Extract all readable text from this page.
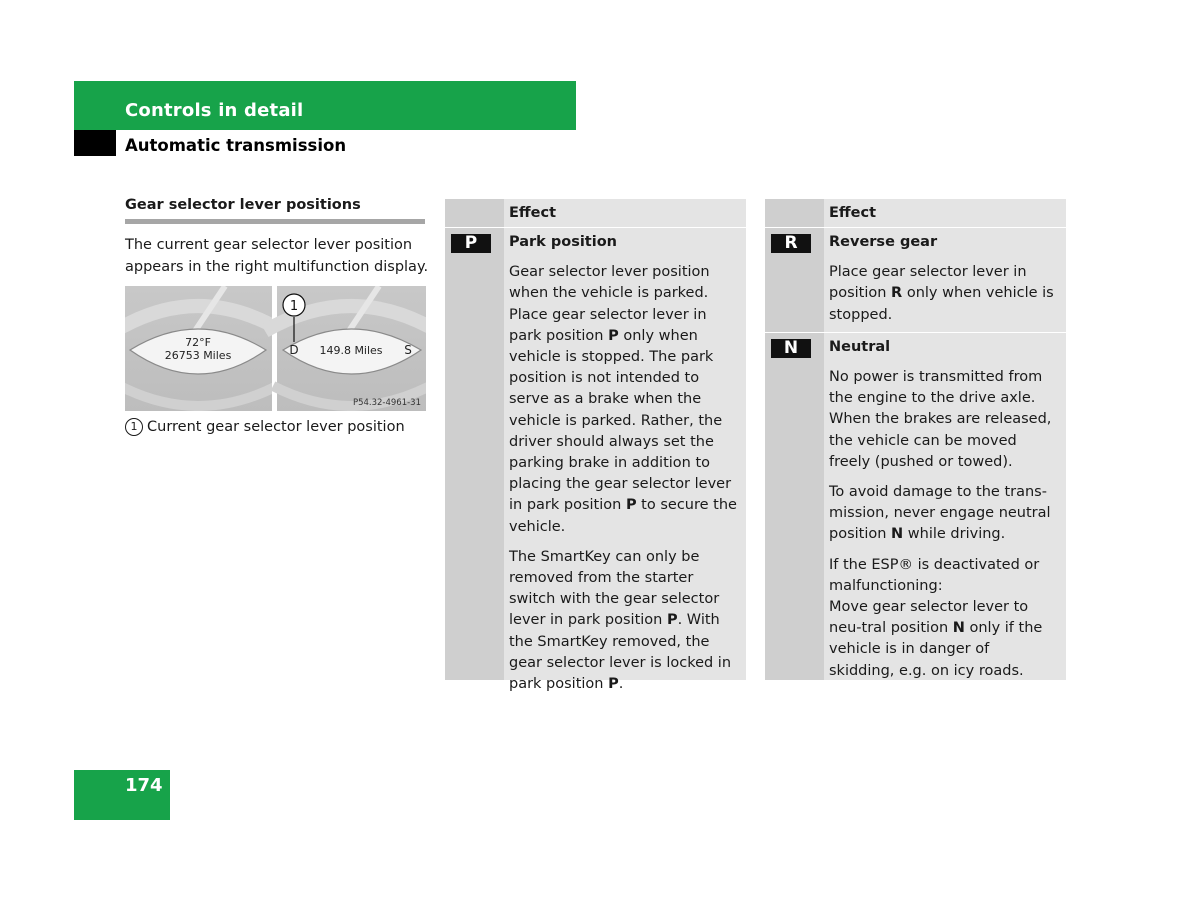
Controls in detail
Automatic transmission
Gear selector lever positions
The current gear selector lever position appears in the right multifunction display.
72°F
26753 Miles	D 149.8 Miles S
1
P54.32-4961-31
1 Current gear selector lever position
Effect
P	Park position
Gear selector lever position when the vehicle is parked. Place gear selector lever in park position P only when vehicle is stopped. The park position is not intended to serve as a brake when the vehicle is parked. Rather, the driver should always set the parking brake in addition to placing the gear selector lever in park position P to secure the vehicle.
The SmartKey can only be removed from the starter switch with the gear selector lever in park position P. With the SmartKey removed, the gear selector lever is locked in park position P.
Effect
R	Reverse gear
Place gear selector lever in position R only when vehicle is stopped.
N	Neutral
No power is transmitted from the engine to the drive axle. When the brakes are released, the vehicle can be moved freely (pushed or towed).
To avoid damage to the trans-mission, never engage neutral position N while driving.
If the ESP® is deactivated or malfunctioning:
Move gear selector lever to neu-tral position N only if the vehicle is in danger of skidding, e.g. on icy roads.
174
